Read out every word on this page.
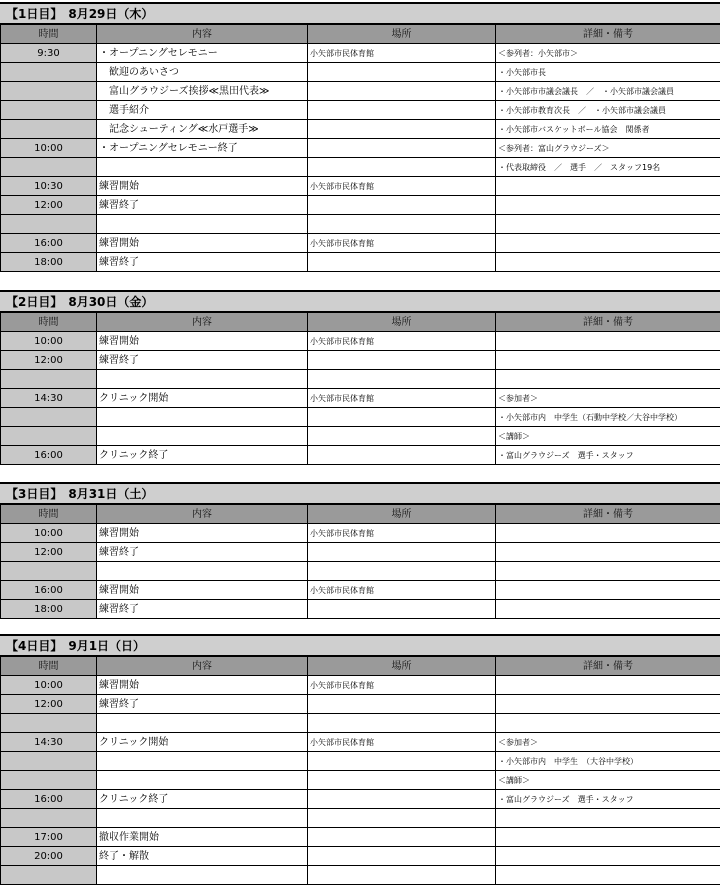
【1日目】　8月29日（木）
時間	内容	場所	詳細・備考
9:30	・オープニングセレモニー	小矢部市民体育館	＜参列者：小矢部市＞
	　歓迎のあいさつ		・小矢部市長
	　富山グラウジーズ挨拶≪黒田代表≫		・小矢部市市議会議長　／　・小矢部市議会議員
	　選手紹介		・小矢部市教育次長　／　・小矢部市議会議員
	　記念シューティング≪水戸選手≫		・小矢部市バスケットボール協会　関係者
10:00	・オープニングセレモニー終了		＜参列者：富山グラウジーズ＞
			・代表取締役　／　選手　／　スタッフ19名
10:30	練習開始	小矢部市民体育館	
12:00	練習終了		

16:00	練習開始	小矢部市民体育館	
18:00	練習終了		
【2日目】　8月30日（金）
時間	内容	場所	詳細・備考
10:00	練習開始	小矢部市民体育館	
12:00	練習終了		

14:30	クリニック開始	小矢部市民体育館	＜参加者＞
			・小矢部市内　中学生（石動中学校／大谷中学校）
			＜講師＞
16:00	クリニック終了		・富山グラウジーズ　選手・スタッフ
【3日目】　8月31日（土）
時間	内容	場所	詳細・備考
10:00	練習開始	小矢部市民体育館	
12:00	練習終了		

16:00	練習開始	小矢部市民体育館	
18:00	練習終了		
【4日目】　9月1日（日）
時間	内容	場所	詳細・備考
10:00	練習開始	小矢部市民体育館	
12:00	練習終了		

14:30	クリニック開始	小矢部市民体育館	＜参加者＞
			・小矢部市内　中学生　（大谷中学校）
			＜講師＞
16:00	クリニック終了		・富山グラウジーズ　選手・スタッフ

17:00	撤収作業開始		
20:00	終了・解散		
